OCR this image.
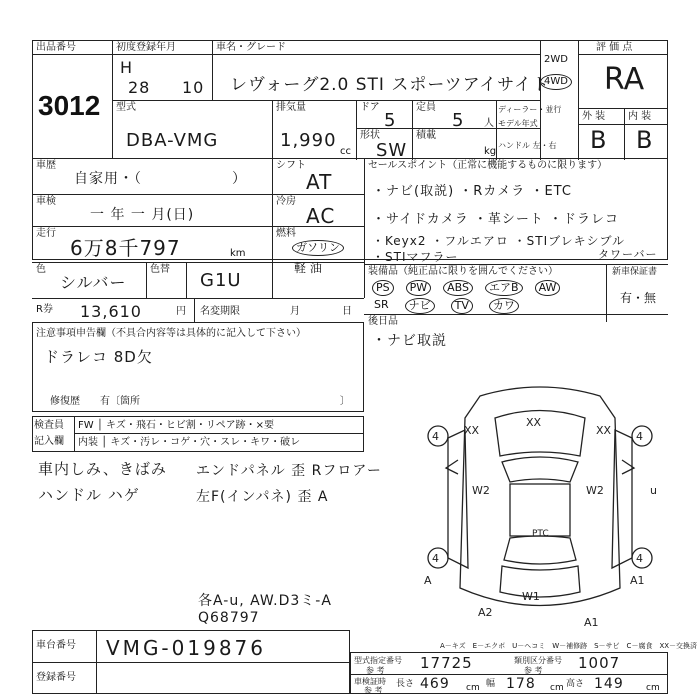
出品番号
3012
初度登録年月
H
28 10
車名・グレード
レヴォーグ2.0 STI スポーツアイサイト
2WD
4WD
評 価 点
RA
外 装 内 装
B B
型式
DBA-VMG
排気量
1,990
cc
ドア
5
定員
5 人
形状
SW
積載
kg
ディーラー・並行
モデル年式
ハンドル 左・右
車歴
自家用・（　　　　　　）
車検
一 年 一 月(日)
走行
6万8千797	km
色
シルバー
色替
G1U
シフト
AT
冷房
AC
燃料
ガソリン
軽 油
R券 13,610	円 名変期限	月	日
セールスポイント（正常に機能するものに限ります）
・ナビ(取説) ・Rカメラ ・ETC
・サイドカメラ ・革シート ・ドラレコ
・Keyx2 ・フルエアロ ・STIブレキシブル
タワーバー
・STIマフラー
装備品（純正品に限りを囲んでください）	新車保証書
有・無
PS	PW	ABS	エアB	AW
SR	ナビ	TV	カワ
後日品
・ナビ取説
注意事項申告欄（不具合内容等は具体的に記入して下さい）
ドラレコ 8D欠
修復歴　　有〔箇所	〕
検査員
記入欄
FW │ キズ・飛石・ヒビ割・リペア跡・×要
内装 │ キズ・汚レ・コゲ・穴・スレ・キワ・破レ
車内しみ、きばみ
ハンドル ハゲ
エンドパネル 歪 Rフロアー
左F(インパネ) 歪 A
各A-u, AW.D3ミ-A
Q68797
4	4
4	4
XX
XX
XX
W2	W2	u
A	A1
A1
W1
A2
PTC
A－キズ　E－エクボ　U－ヘコミ　W－補修跡　S－サビ　C－腐食　XX－交換済
車台番号 VMG-019876
登録番号
型式指定番号
参 考 17725	類別区分番号
参 考 1007
車検証時
参 考
長さ 469 cm 幅 178 cm 高さ 149 cm
